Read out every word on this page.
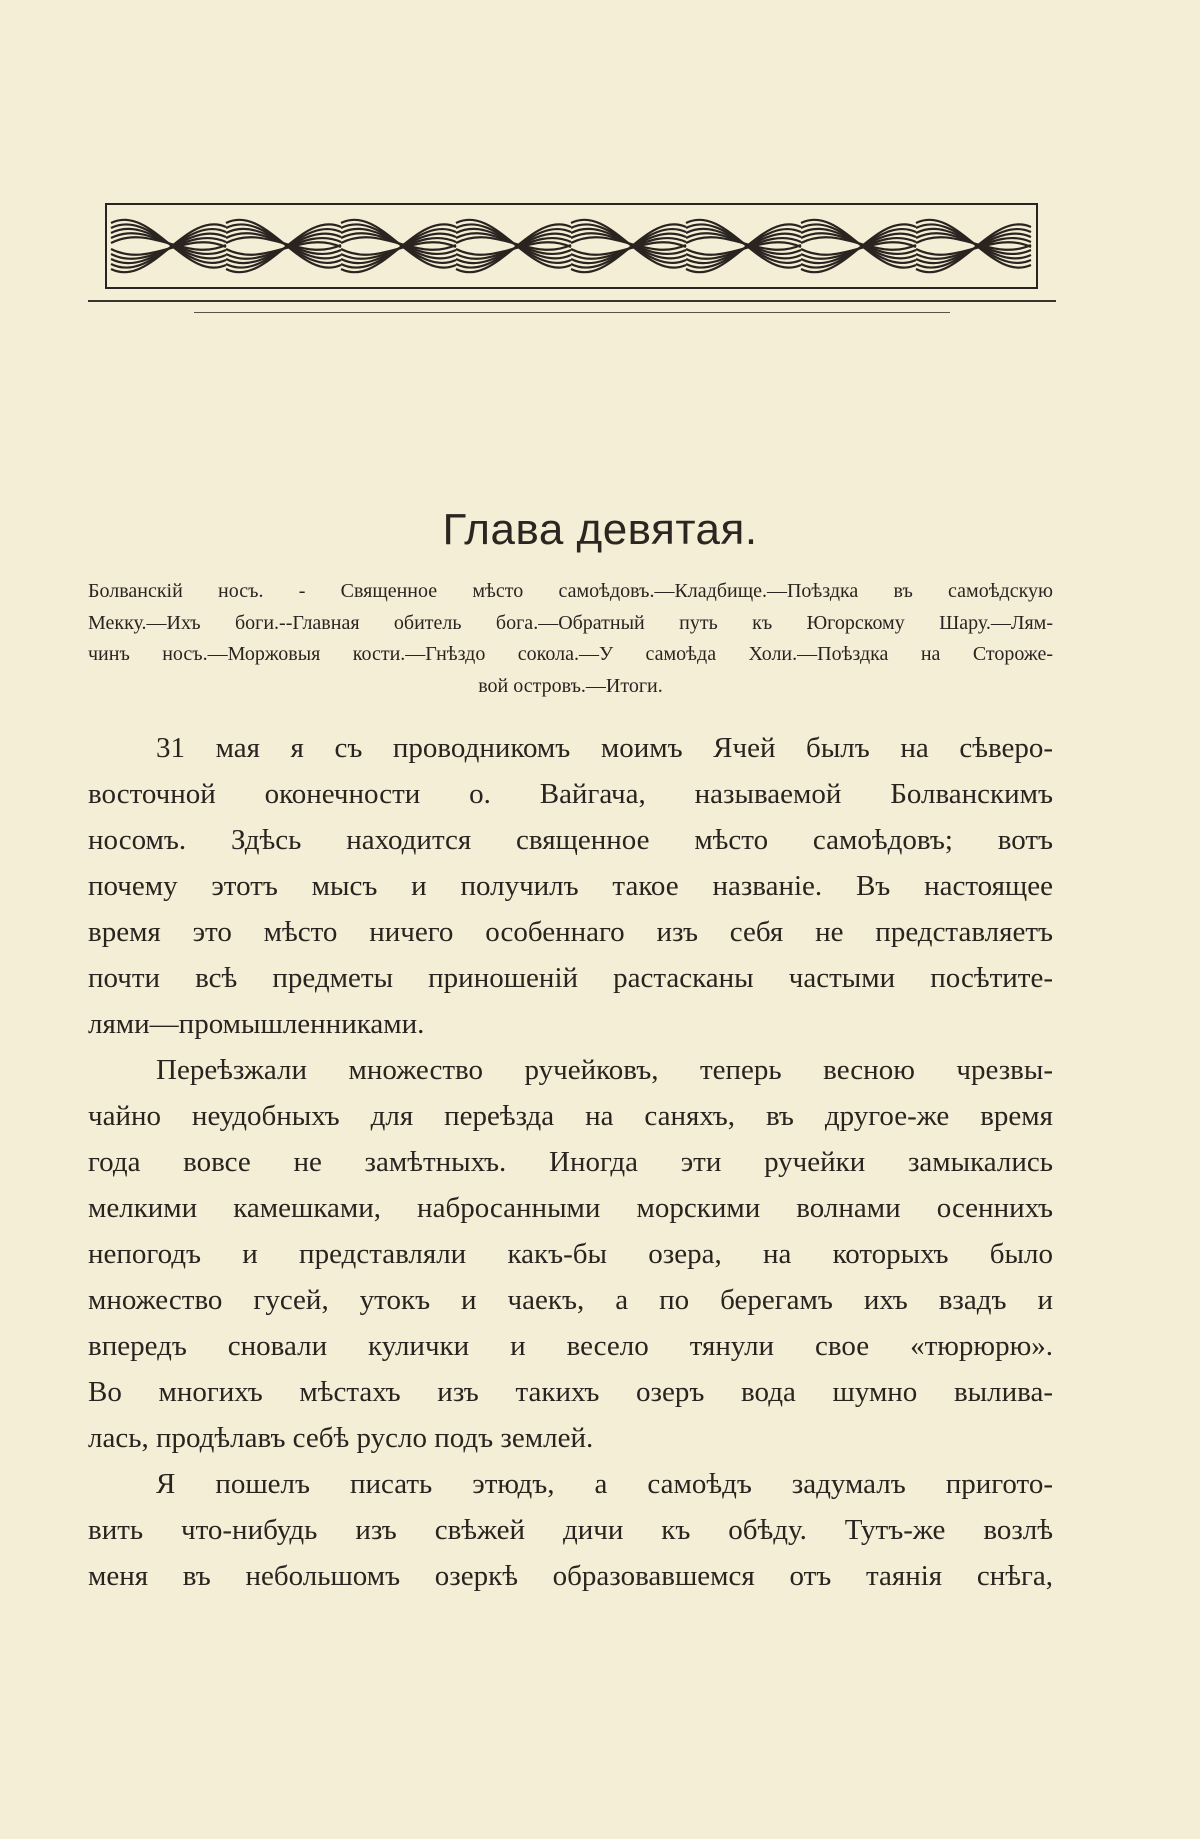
Глава девятая.
Болванскій носъ. - Священное мѣсто самоѣдовъ.—Кладбище.—Поѣздка въ самоѣдскую
Мекку.—Ихъ боги.--Главная обитель бога.—Обратный путь къ Югорскому Шару.—Лям-
чинъ носъ.—Моржовыя кости.—Гнѣздо сокола.—У самоѣда Холи.—Поѣздка на Стороже-
вой островъ.—Итоги.
31 мая я съ проводникомъ моимъ Ячей былъ на сѣверо-
восточной оконечности о. Вайгача, называемой Болванскимъ
носомъ. Здѣсь находится священное мѣсто самоѣдовъ; вотъ
почему этотъ мысъ и получилъ такое названіе. Въ настоящее
время это мѣсто ничего особеннаго изъ себя не представляетъ
почти всѣ предметы приношеній растасканы частыми посѣтите-
лями—промышленниками.
Переѣзжали множество ручейковъ, теперь весною чрезвы-
чайно неудобныхъ для переѣзда на саняхъ, въ другое-же время
года вовсе не замѣтныхъ. Иногда эти ручейки замыкались
мелкими камешками, набросанными морскими волнами осеннихъ
непогодъ и представляли какъ-бы озера, на которыхъ было
множество гусей, утокъ и чаекъ, а по берегамъ ихъ взадъ и
впередъ сновали кулички и весело тянули свое «тюрюрю».
Во многихъ мѣстахъ изъ такихъ озеръ вода шумно вылива-
лась, продѣлавъ себѣ русло подъ землей.
Я пошелъ писать этюдъ, а самоѣдъ задумалъ пригото-
вить что-нибудь изъ свѣжей дичи къ обѣду. Тутъ-же возлѣ
меня въ небольшомъ озеркѣ образовавшемся отъ таянія снѣга,
